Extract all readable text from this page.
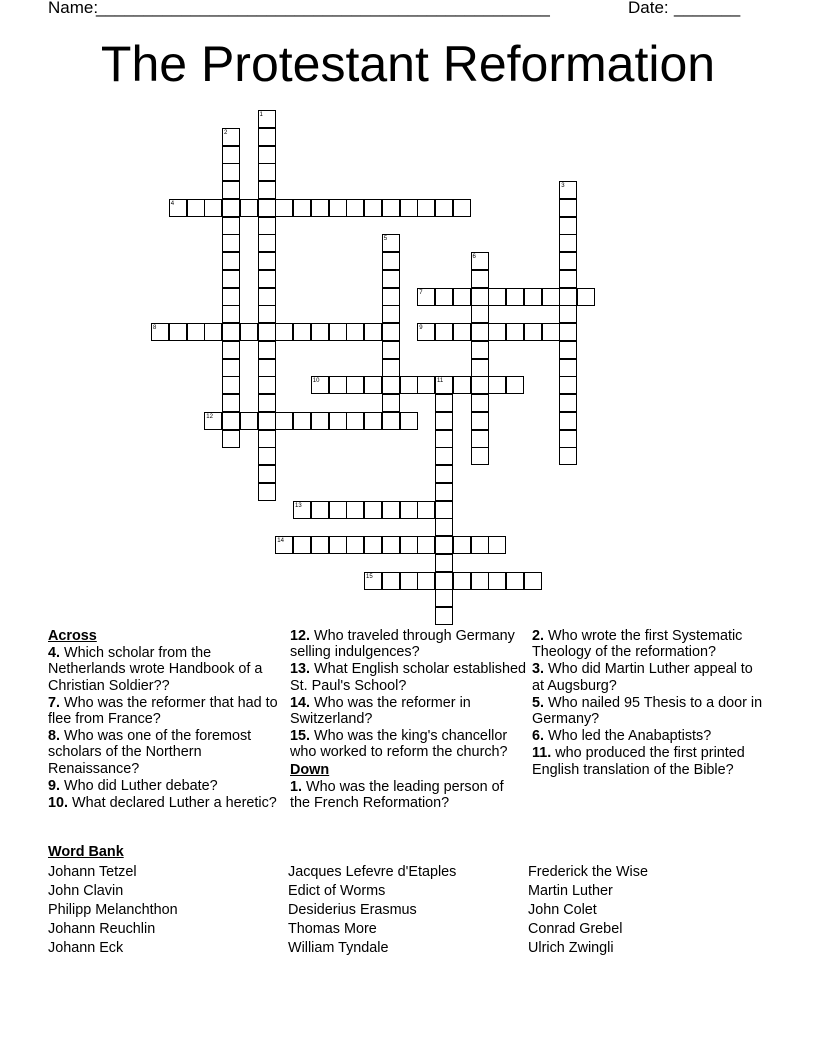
Name:
________________________________________________	Date: _______
The Protestant Reformation
1
2
3
4
5
6
7
8	9
10	11
12
13
14
15
Across
4. Which scholar from the Netherlands wrote Handbook of a Christian Soldier??
7. Who was the reformer that had to flee from France?
8. Who was one of the foremost scholars of the Northern Renaissance?
9. Who did Luther debate?
10. What declared Luther a heretic?
12. Who traveled through Germany selling indulgences?
13. What English scholar established St. Paul's School?
14. Who was the reformer in Switzerland?
15. Who was the king's chancellor who worked to reform the church?
Down
1. Who was the leading person of the French Reformation?
2. Who wrote the first Systematic Theology of the reformation?
3. Who did Martin Luther appeal to at Augsburg?
5. Who nailed 95 Thesis to a door in Germany?
6. Who led the Anabaptists?
11. who produced the first printed English translation of the Bible?
Word Bank
Johann Tetzel
John Clavin
Philipp Melanchthon
Johann Reuchlin
Johann Eck
Jacques Lefevre d'Etaples
Edict of Worms
Desiderius Erasmus
Thomas More
William Tyndale
Frederick the Wise
Martin Luther
John Colet
Conrad Grebel
Ulrich Zwingli
